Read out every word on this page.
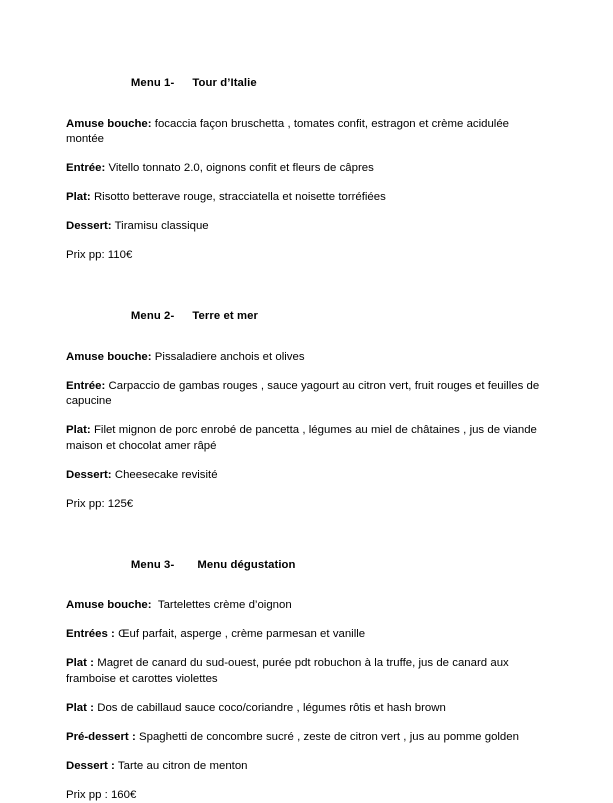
Menu 1- Tour d’Italie

Amuse bouche: focaccia façon bruschetta , tomates confit, estragon et crème acidulée montée

Entrée: Vitello tonnato 2.0, oignons confit et fleurs de câpres

Plat: Risotto betterave rouge, stracciatella et noisette torréfiées

Dessert: Tiramisu classique

Prix pp: 110€

Menu 2- Terre et mer

Amuse bouche: Pissaladiere anchois et olives

Entrée: Carpaccio de gambas rouges , sauce yagourt au citron vert, fruit rouges et feuilles de capucine

Plat: Filet mignon de porc enrobé de pancetta , légumes au miel de châtaines , jus de viande maison et chocolat amer râpé

Dessert: Cheesecake revisité

Prix pp: 125€

Menu 3- Menu dégustation

Amuse bouche:  Tartelettes crème d’oignon

Entrées : Œuf parfait, asperge , crème parmesan et vanille

Plat : Magret de canard du sud-ouest, purée pdt robuchon à la truffe, jus de canard aux framboise et carottes violettes

Plat : Dos de cabillaud sauce coco/coriandre , légumes rôtis et hash brown

Pré-dessert : Spaghetti de concombre sucré , zeste de citron vert , jus au pomme golden

Dessert : Tarte au citron de menton

Prix pp : 160€
